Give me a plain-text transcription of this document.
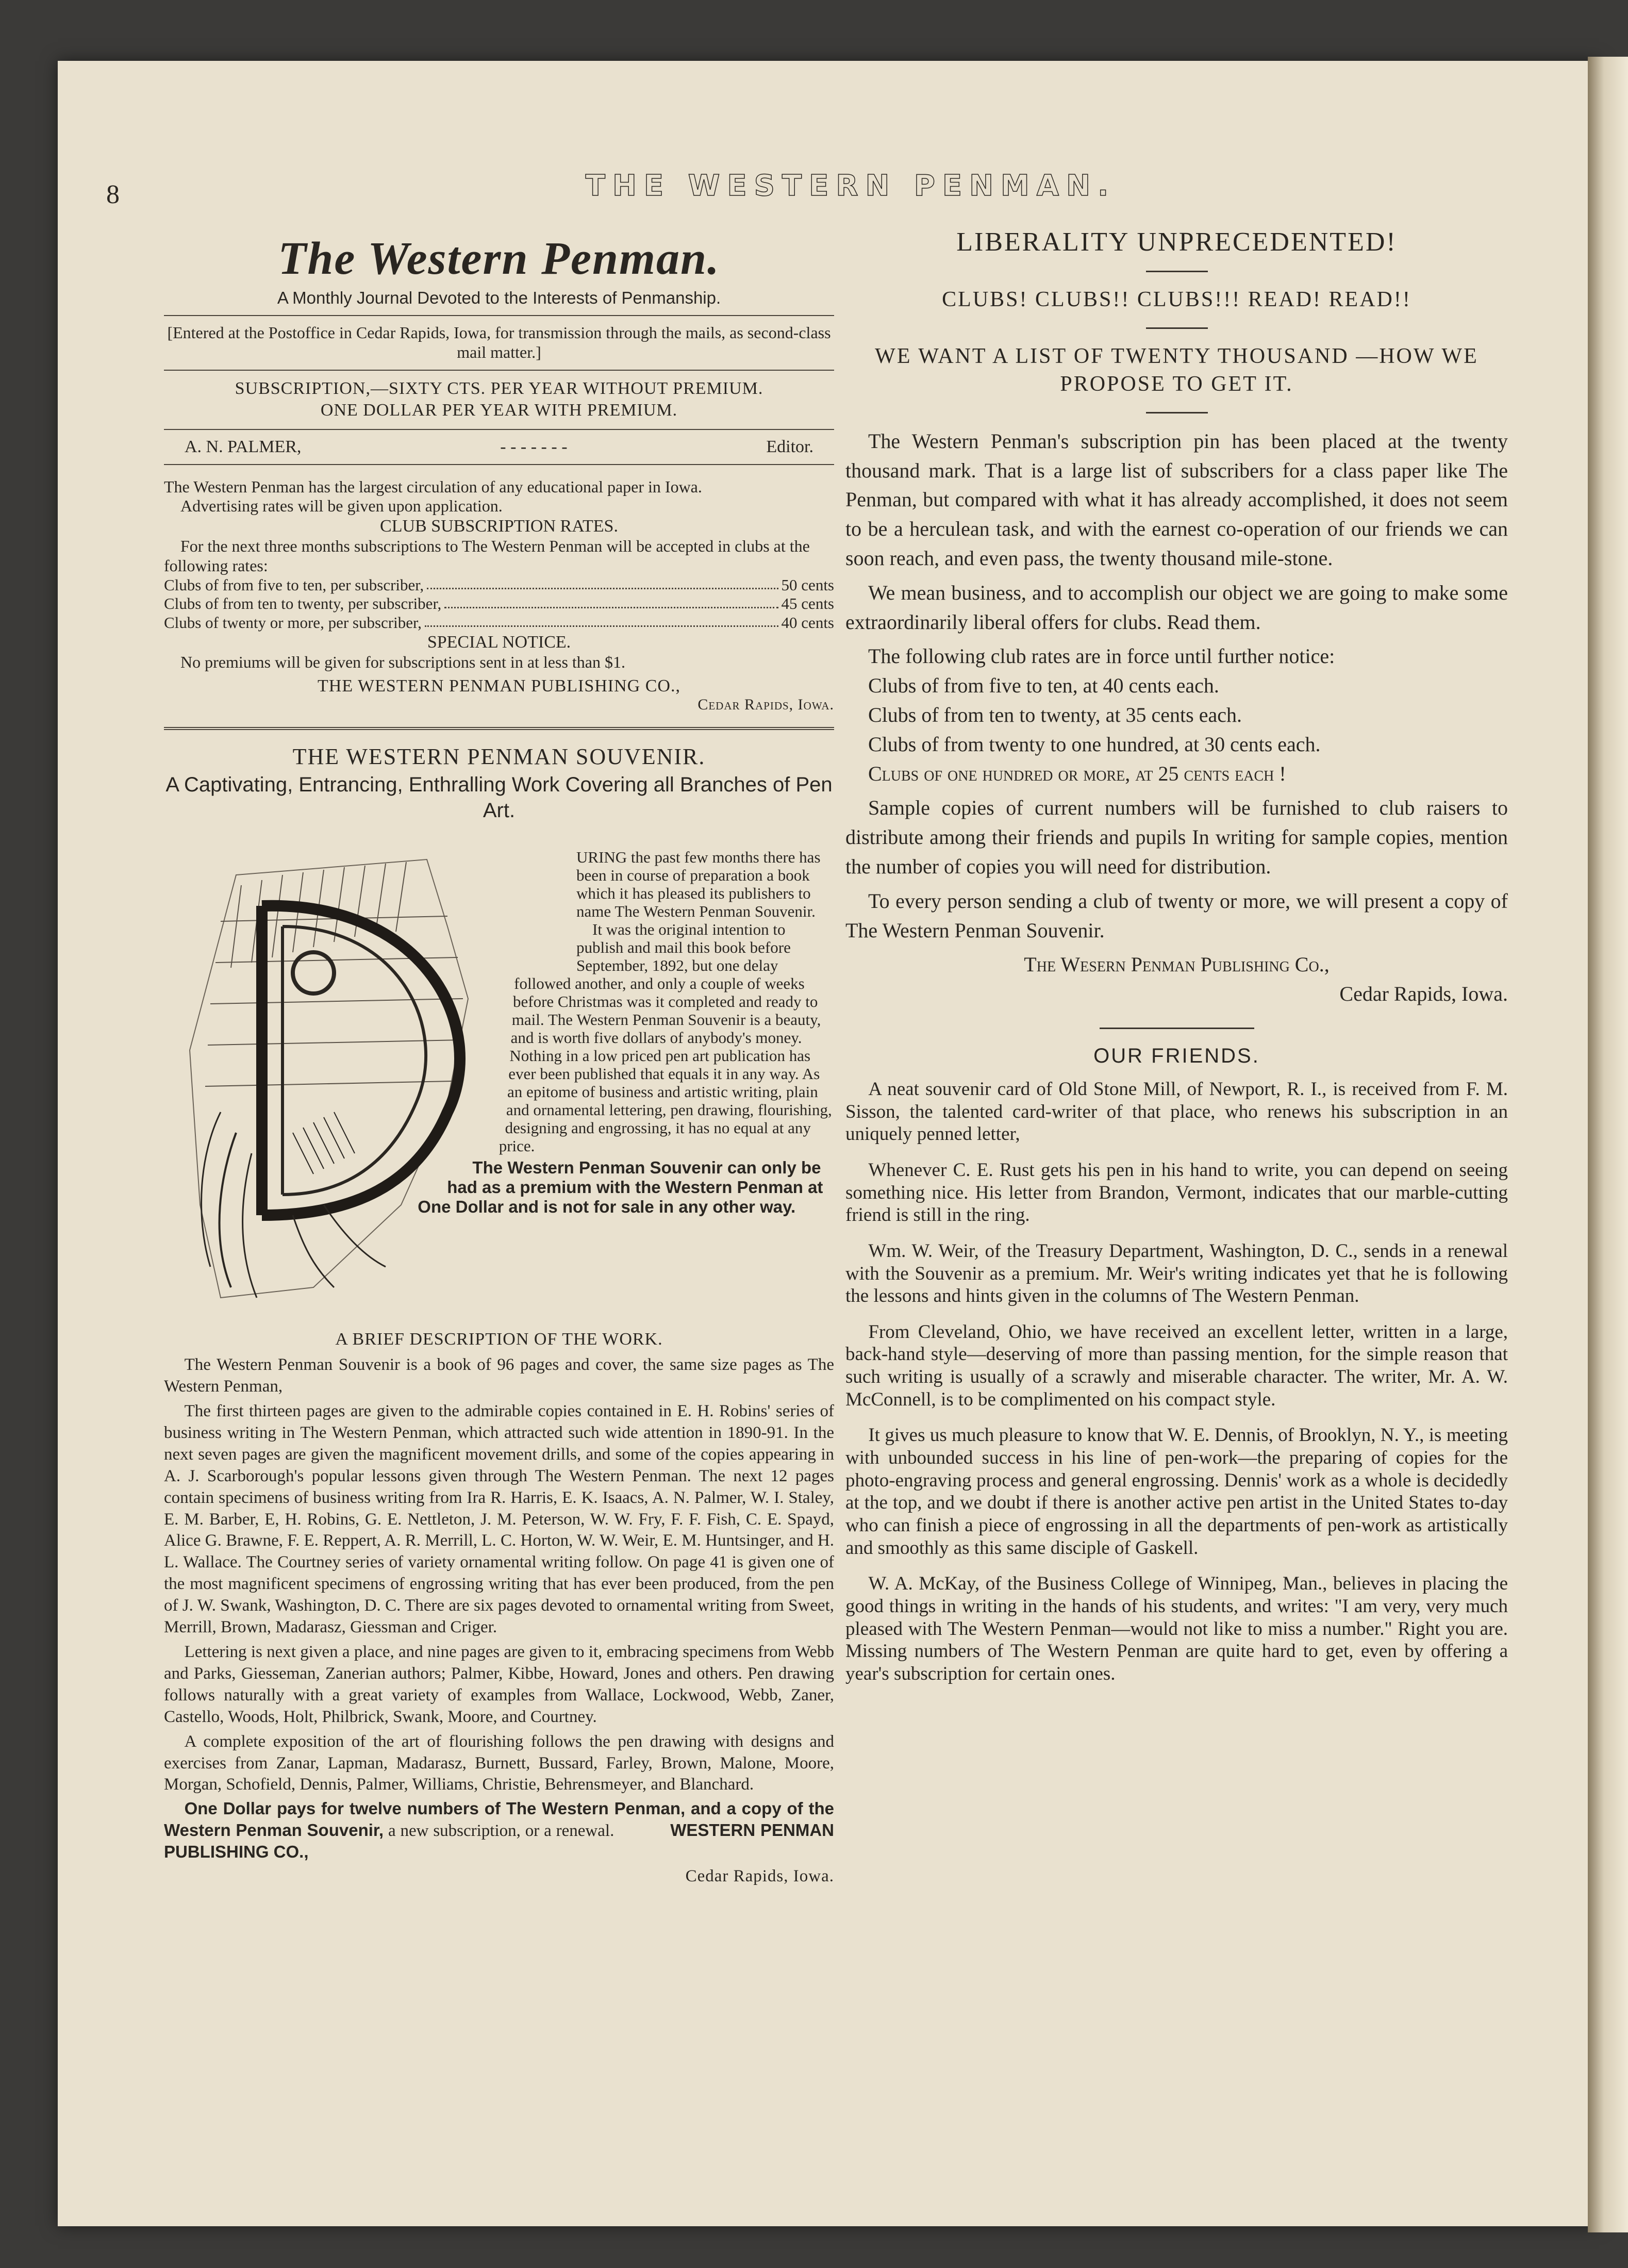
8	THE WESTERN PENMAN.
The Western Penman.

A Monthly Journal Devoted to the Interests of Penmanship.

[Entered at the Postoffice in Cedar Rapids, Iowa, for transmission through the mails, as second-class mail matter.]

SUBSCRIPTION,—SIXTY CTS. PER YEAR WITHOUT PREMIUM.

ONE DOLLAR PER YEAR WITH PREMIUM.

A. N. PALMER,	- - - - - - -	Editor.

The Western Penman has the largest circulation of any educational paper in Iowa.

Advertising rates will be given upon application.

CLUB SUBSCRIPTION RATES.

For the next three months subscriptions to The Western Penman will be accepted in clubs at the following rates:

Clubs of from five to ten, per subscriber,	50 cents
Clubs of from ten to twenty, per subscriber,	45 cents
Clubs of twenty or more, per subscriber,	40 cents

SPECIAL NOTICE.

No premiums will be given for subscriptions sent in at less than $1.

THE WESTERN PENMAN PUBLISHING CO.,

Cedar Rapids, Iowa.

THE WESTERN PENMAN SOUVENIR.

A Captivating, Entrancing, Enthralling Work Covering all Branches of Pen Art.

URING the past few months there has been in course of preparation a book which it has pleased its publishers to name The Western Penman Souvenir.

It was the original intention to publish and mail this book before September, 1892, but one delay followed another, and only a couple of weeks before Christmas was it completed and ready to mail. The Western Penman Souvenir is a beauty, and is worth five dollars of anybody's money. Nothing in a low priced pen art publication has ever been published that equals it in any way. As an epitome of business and artistic writing, plain and ornamental lettering, pen drawing, flourishing, designing and engrossing, it has no equal at any price.

The Western Penman Souvenir can only be had as a premium with the Western Penman at One Dollar and is not for sale in any other way.

A BRIEF DESCRIPTION OF THE WORK.

The Western Penman Souvenir is a book of 96 pages and cover, the same size pages as The Western Penman,

The first thirteen pages are given to the admirable copies contained in E. H. Robins' series of business writing in The Western Penman, which attracted such wide attention in 1890-91. In the next seven pages are given the magnificent movement drills, and some of the copies appearing in A. J. Scarborough's popular lessons given through The Western Penman. The next 12 pages contain specimens of business writing from Ira R. Harris, E. K. Isaacs, A. N. Palmer, W. I. Staley, E. M. Barber, E, H. Robins, G. E. Nettleton, J. M. Peterson, W. W. Fry, F. F. Fish, C. E. Spayd, Alice G. Brawne, F. E. Reppert, A. R. Merrill, L. C. Horton, W. W. Weir, E. M. Huntsinger, and H. L. Wallace. The Courtney series of variety ornamental writing follow. On page 41 is given one of the most magnificent specimens of engrossing writing that has ever been produced, from the pen of J. W. Swank, Washington, D. C. There are six pages devoted to ornamental writing from Sweet, Merrill, Brown, Madarasz, Giessman and Criger.

Lettering is next given a place, and nine pages are given to it, embracing specimens from Webb and Parks, Giesseman, Zanerian authors; Palmer, Kibbe, Howard, Jones and others. Pen drawing follows naturally with a great variety of examples from Wallace, Lockwood, Webb, Zaner, Castello, Woods, Holt, Philbrick, Swank, Moore, and Courtney.

A complete exposition of the art of flourishing follows the pen drawing with designs and exercises from Zanar, Lapman, Madarasz, Burnett, Bussard, Farley, Brown, Malone, Moore, Morgan, Schofield, Dennis, Palmer, Williams, Christie, Behrensmeyer, and Blanchard.

One Dollar pays for twelve numbers of The Western Penman, and a copy of the Western Penman Souvenir, a new subscription, or a renewal.	WESTERN PENMAN PUBLISHING CO.,

Cedar Rapids, Iowa.

LIBERALITY UNPRECEDENTED!

CLUBS! CLUBS!! CLUBS!!! READ! READ!!

WE WANT A LIST OF TWENTY THOUSAND —HOW WE PROPOSE TO GET IT.

The Western Penman's subscription pin has been placed at the twenty thousand mark. That is a large list of subscribers for a class paper like The Penman, but compared with what it has already accomplished, it does not seem to be a herculean task, and with the earnest co-operation of our friends we can soon reach, and even pass, the twenty thousand mile-stone.

We mean business, and to accomplish our object we are going to make some extraordinarily liberal offers for clubs. Read them.

The following club rates are in force until further notice:

Clubs of from five to ten, at 40 cents each.

Clubs of from ten to twenty, at 35 cents each.

Clubs of from twenty to one hundred, at 30 cents each.

Clubs of one hundred or more, at 25 cents each !

Sample copies of current numbers will be furnished to club raisers to distribute among their friends and pupils In writing for sample copies, mention the number of copies you will need for distribution.

To every person sending a club of twenty or more, we will present a copy of The Western Penman Souvenir.

The Wesern Penman Publishing Co.,

Cedar Rapids, Iowa.

OUR FRIENDS.

A neat souvenir card of Old Stone Mill, of Newport, R. I., is received from F. M. Sisson, the talented card-writer of that place, who renews his subscription in an uniquely penned letter,

Whenever C. E. Rust gets his pen in his hand to write, you can depend on seeing something nice. His letter from Brandon, Vermont, indicates that our marble-cutting friend is still in the ring.

Wm. W. Weir, of the Treasury Department, Washington, D. C., sends in a renewal with the Souvenir as a premium. Mr. Weir's writing indicates yet that he is following the lessons and hints given in the columns of The Western Penman.

From Cleveland, Ohio, we have received an excellent letter, written in a large, back-hand style—deserving of more than passing mention, for the simple reason that such writing is usually of a scrawly and miserable character. The writer, Mr. A. W. McConnell, is to be complimented on his compact style.

It gives us much pleasure to know that W. E. Dennis, of Brooklyn, N. Y., is meeting with unbounded success in his line of pen-work—the preparing of copies for the photo-engraving process and general engrossing. Dennis' work as a whole is decidedly at the top, and we doubt if there is another active pen artist in the United States to-day who can finish a piece of engrossing in all the departments of pen-work as artistically and smoothly as this same disciple of Gaskell.

W. A. McKay, of the Business College of Winnipeg, Man., believes in placing the good things in writing in the hands of his students, and writes: "I am very, very much pleased with The Western Penman—would not like to miss a number." Right you are. Missing numbers of The Western Penman are quite hard to get, even by offering a year's subscription for certain ones.
